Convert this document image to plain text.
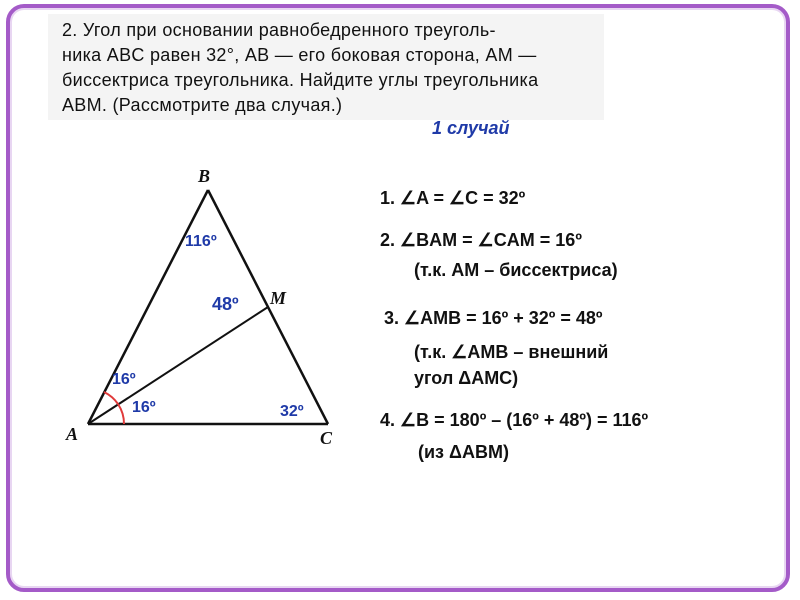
2. Угол при основании равнобедренного треуголь-
ника ABC равен 32°, AB — его боковая сторона, AM —
биссектриса треугольника. Найдите углы треугольника
ABM. (Рассмотрите два случая.)
1 случай
B
M
A	C
116º
48º
16º
16º	32º
1. ∠A = ∠C = 32º
2. ∠BAM = ∠CAM = 16º
(т.к. AM – биссектриса)
3. ∠AMB = 16º + 32º = 48º
(т.к. ∠AMB – внешний
угол ΔAMC)
4. ∠B = 180º – (16º + 48º) = 116º
(из ΔABM)
